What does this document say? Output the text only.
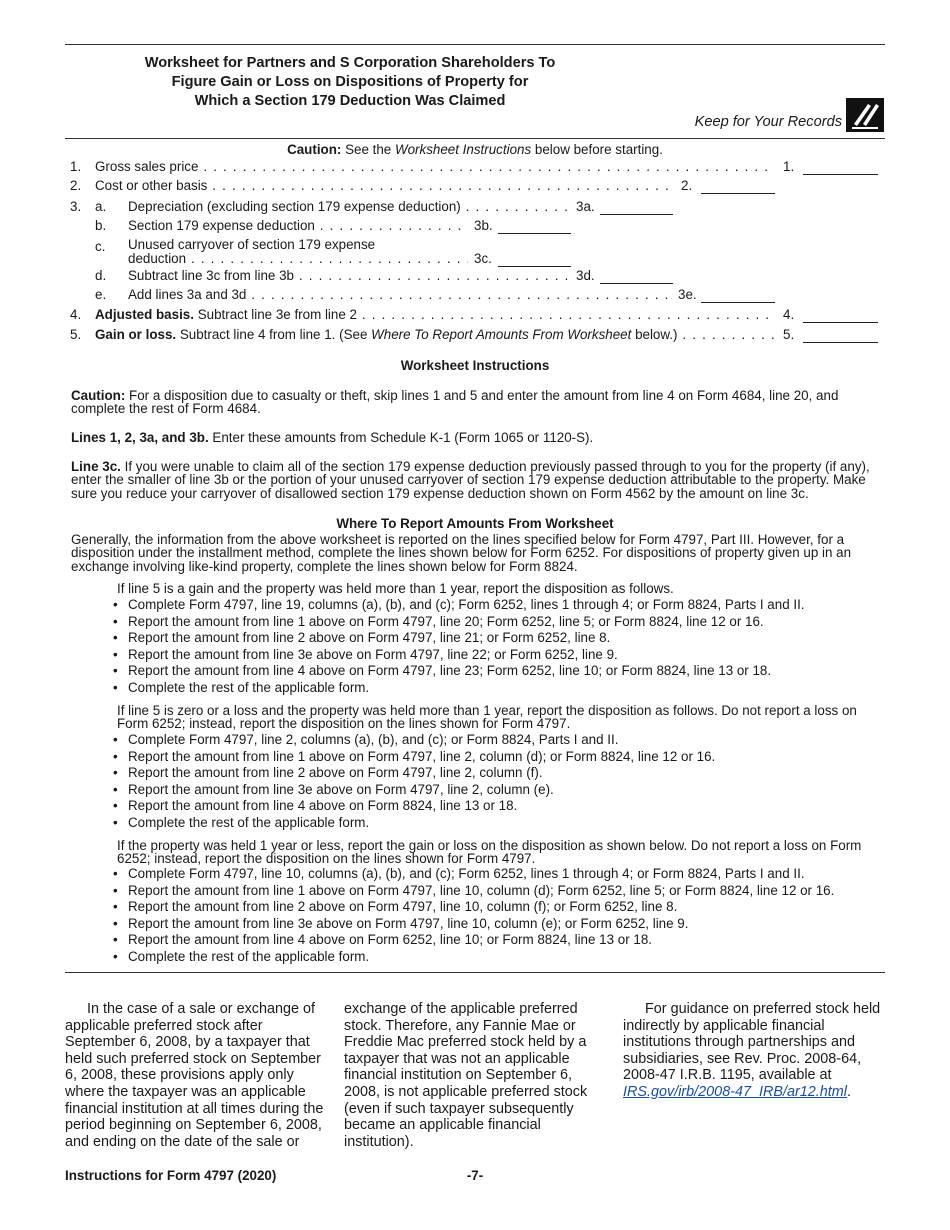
Worksheet for Partners and S Corporation Shareholders To
Figure Gain or Loss on Dispositions of Property for
Which a Section 179 Deduction Was Claimed
Keep for Your Records
Caution: See the Worksheet Instructions below before starting.
1. Gross sales price . . .	1.
2. Cost or other basis . . .	2.
3. a. Depreciation (excluding section 179 expense deduction) . . .	3a.
b. Section 179 expense deduction . . .	3b.
c. Unused carryover of section 179 expense
deduction . . .	3c.
d. Subtract line 3c from line 3b . . .	3d.
e. Add lines 3a and 3d . . .	3e.
4. Adjusted basis. Subtract line 3e from line 2 . . .	4.
5. Gain or loss. Subtract line 4 from line 1. (See Where To Report Amounts From Worksheet below.) . . .	5.
Worksheet Instructions
Caution: For a disposition due to casualty or theft, skip lines 1 and 5 and enter the amount from line 4 on Form 4684, line 20, and complete the rest of Form 4684.
Lines 1, 2, 3a, and 3b. Enter these amounts from Schedule K-1 (Form 1065 or 1120-S).
Line 3c. If you were unable to claim all of the section 179 expense deduction previously passed through to you for the property (if any), enter the smaller of line 3b or the portion of your unused carryover of section 179 expense deduction attributable to the property. Make sure you reduce your carryover of disallowed section 179 expense deduction shown on Form 4562 by the amount on line 3c.
Where To Report Amounts From Worksheet
Generally, the information from the above worksheet is reported on the lines specified below for Form 4797, Part III. However, for a disposition under the installment method, complete the lines shown below for Form 6252. For dispositions of property given up in an exchange involving like-kind property, complete the lines shown below for Form 8824.
If line 5 is a gain and the property was held more than 1 year, report the disposition as follows.
• Complete Form 4797, line 19, columns (a), (b), and (c); Form 6252, lines 1 through 4; or Form 8824, Parts I and II.
• Report the amount from line 1 above on Form 4797, line 20; Form 6252, line 5; or Form 8824, line 12 or 16.
• Report the amount from line 2 above on Form 4797, line 21; or Form 6252, line 8.
• Report the amount from line 3e above on Form 4797, line 22; or Form 6252, line 9.
• Report the amount from line 4 above on Form 4797, line 23; Form 6252, line 10; or Form 8824, line 13 or 18.
• Complete the rest of the applicable form.
If line 5 is zero or a loss and the property was held more than 1 year, report the disposition as follows. Do not report a loss on Form 6252; instead, report the disposition on the lines shown for Form 4797.
• Complete Form 4797, line 2, columns (a), (b), and (c); or Form 8824, Parts I and II.
• Report the amount from line 1 above on Form 4797, line 2, column (d); or Form 8824, line 12 or 16.
• Report the amount from line 2 above on Form 4797, line 2, column (f).
• Report the amount from line 3e above on Form 4797, line 2, column (e).
• Report the amount from line 4 above on Form 8824, line 13 or 18.
• Complete the rest of the applicable form.
If the property was held 1 year or less, report the gain or loss on the disposition as shown below. Do not report a loss on Form 6252; instead, report the disposition on the lines shown for Form 4797.
• Complete Form 4797, line 10, columns (a), (b), and (c); Form 6252, lines 1 through 4; or Form 8824, Parts I and II.
• Report the amount from line 1 above on Form 4797, line 10, column (d); Form 6252, line 5; or Form 8824, line 12 or 16.
• Report the amount from line 2 above on Form 4797, line 10, column (f); or Form 6252, line 8.
• Report the amount from line 3e above on Form 4797, line 10, column (e); or Form 6252, line 9.
• Report the amount from line 4 above on Form 6252, line 10; or Form 8824, line 13 or 18.
• Complete the rest of the applicable form.
In the case of a sale or exchange of applicable preferred stock after September 6, 2008, by a taxpayer that held such preferred stock on September 6, 2008, these provisions apply only where the taxpayer was an applicable financial institution at all times during the period beginning on September 6, 2008, and ending on the date of the sale or
exchange of the applicable preferred stock. Therefore, any Fannie Mae or Freddie Mac preferred stock held by a taxpayer that was not an applicable financial institution on September 6, 2008, is not applicable preferred stock (even if such taxpayer subsequently became an applicable financial institution).
For guidance on preferred stock held indirectly by applicable financial institutions through partnerships and subsidiaries, see Rev. Proc. 2008-64, 2008-47 I.R.B. 1195, available at IRS.gov/irb/2008-47_IRB/ar12.html.
Instructions for Form 4797 (2020)	-7-
